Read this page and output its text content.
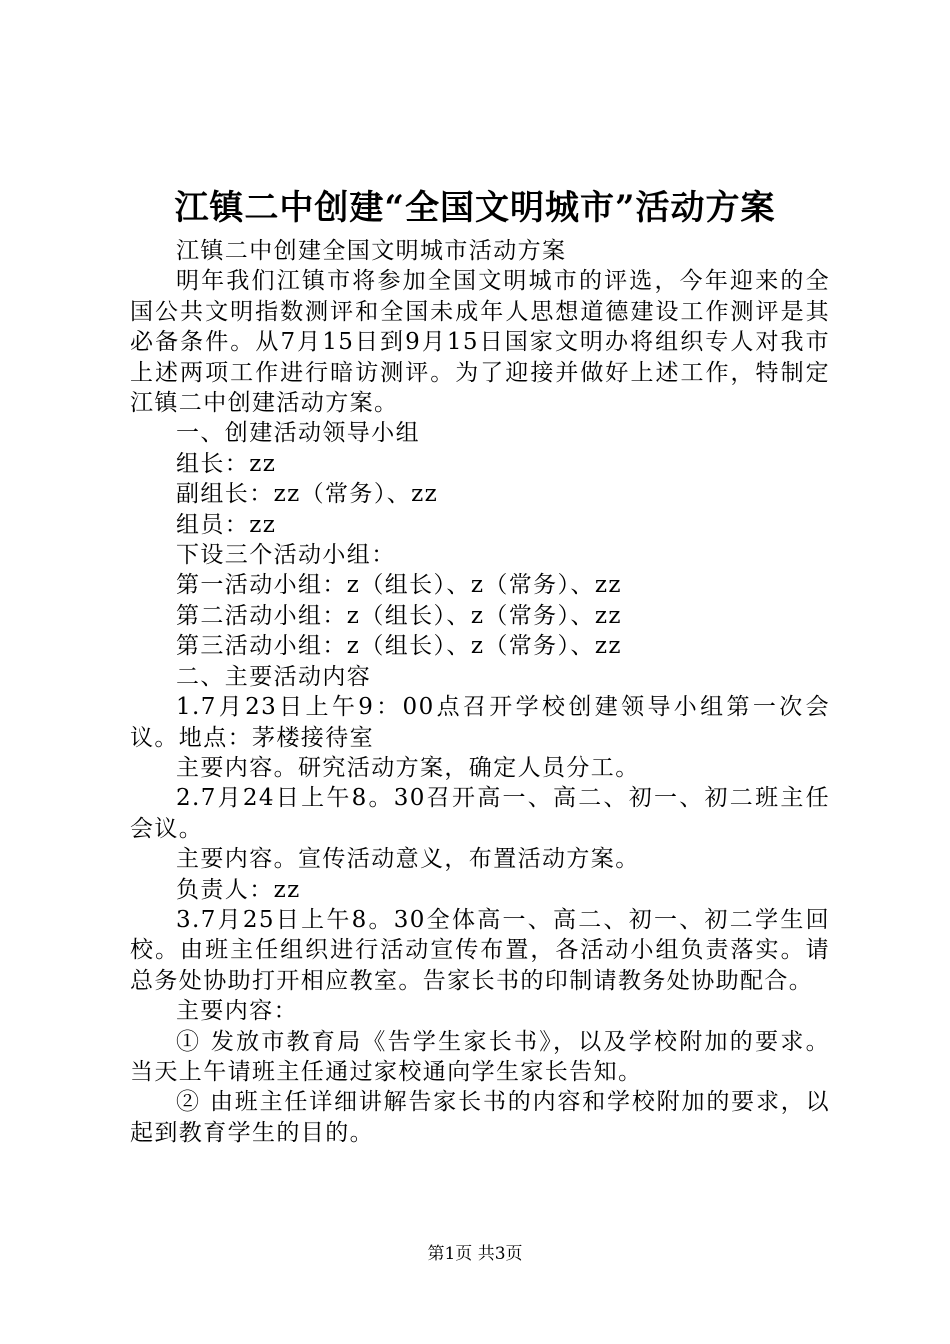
江镇二中创建“全国文明城市”活动方案

江镇二中创建全国文明城市活动方案

明年我们江镇市将参加全国文明城市的评选，今年迎来的全国公共文明指数测评和全国未成年人思想道德建设工作测评是其必备条件。从7月15日到9月15日国家文明办将组织专人对我市上述两项工作进行暗访测评。为了迎接并做好上述工作，特制定江镇二中创建活动方案。

一、创建活动领导小组

组长：zz

副组长：zz（常务）、zz

组员：zz

下设三个活动小组：

第一活动小组：z（组长）、z（常务）、zz

第二活动小组：z（组长）、z（常务）、zz

第三活动小组：z（组长）、z（常务）、zz

二、主要活动内容

1.7月23日上午9：00点召开学校创建领导小组第一次会议。地点：茅楼接待室

主要内容。研究活动方案，确定人员分工。

2.7月24日上午8。30召开高一、高二、初一、初二班主任会议。

主要内容。宣传活动意义，布置活动方案。

负责人：zz

3.7月25日上午8。30全体高一、高二、初一、初二学生回校。由班主任组织进行活动宣传布置，各活动小组负责落实。请总务处协助打开相应教室。告家长书的印制请教务处协助配合。

主要内容：

① 发放市教育局《告学生家长书》，以及学校附加的要求。当天上午请班主任通过家校通向学生家长告知。

② 由班主任详细讲解告家长书的内容和学校附加的要求，以起到教育学生的目的。

第1页 共3页
